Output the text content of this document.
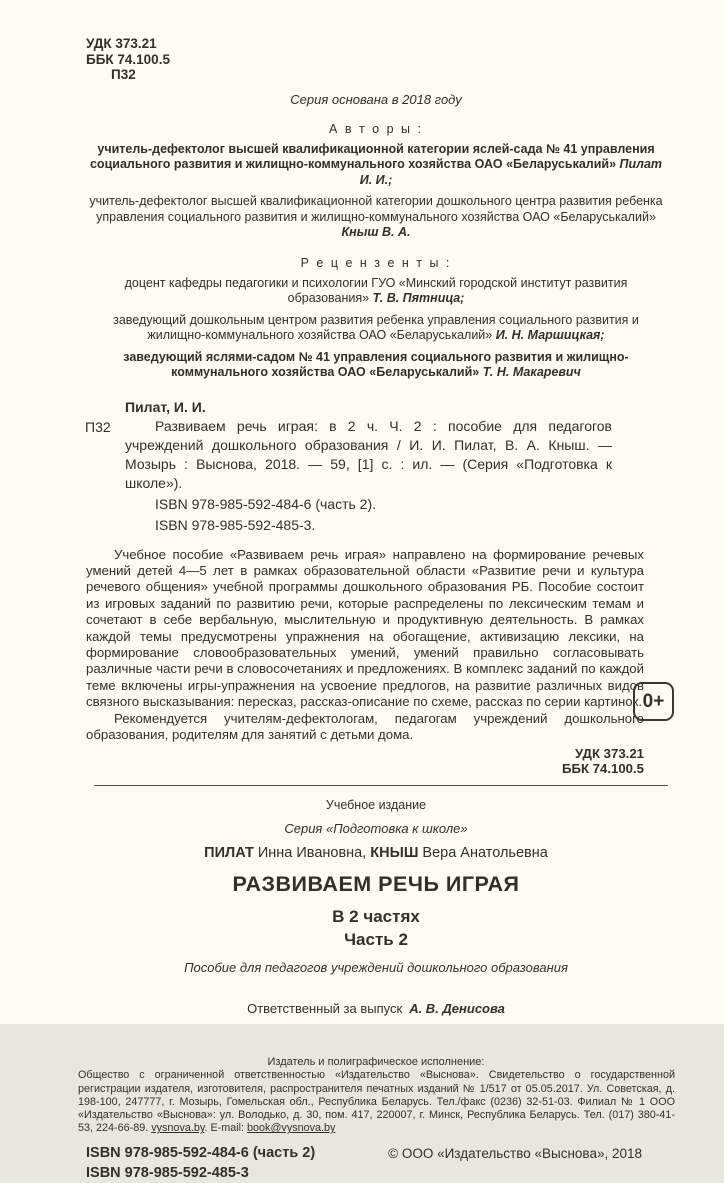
УДК 373.21
ББК 74.100.5
П32
Серия основана в 2018 году
А в т о р ы :
учитель-дефектолог высшей квалификационной категории яслей-сада № 41 управления социального развития и жилищно-коммунального хозяйства ОАО «Беларуськалий» Пилат И. И.;
учитель-дефектолог высшей квалификационной категории дошкольного центра развития ребенка управления социального развития и жилищно-коммунального хозяйства ОАО «Беларуськалий» Кныш В. А.
Р е ц е н з е н т ы :
доцент кафедры педагогики и психологии ГУО «Минский городской институт развития образования» Т. В. Пятница;
заведующий дошкольным центром развития ребенка управления социального развития и жилищно-коммунального хозяйства ОАО «Беларуськалий» И. Н. Маршицкая;
заведующий яслями-садом № 41 управления социального развития и жилищно-коммунального хозяйства ОАО «Беларуськалий» Т. Н. Макаревич
Пилат, И. И.
П32	Развиваем речь играя: в 2 ч. Ч. 2 : пособие для педагогов учреждений дошкольного образования / И. И. Пилат, В. А. Кныш. — Мозырь : Выснова, 2018. — 59, [1] с. : ил. — (Серия «Подготовка к школе»).
ISBN 978-985-592-484-6 (часть 2).
ISBN 978-985-592-485-3.

Учебное пособие «Развиваем речь играя» направлено на формирование речевых умений детей 4—5 лет в рамках образовательной области «Развитие речи и культура речевого общения» учебной программы дошкольного образования РБ. Пособие состоит из игровых заданий по развитию речи, которые распределены по лексическим темам и сочетают в себе вербальную, мыслительную и продуктивную деятельность. В рамках каждой темы предусмотрены упражнения на обогащение, активизацию лексики, на формирование словообразовательных умений, умений правильно согласовывать различные части речи в словосочетаниях и предложениях. В комплекс заданий по каждой теме включены игры-упражнения на усвоение предлогов, на развитие различных видов связного высказывания: пересказ, рассказ-описание по схеме, рассказ по серии картинок.

Рекомендуется учителям-дефектологам, педагогам учреждений дошкольного образования, родителям для занятий с детьми дома.

УДК 373.21
ББК 74.100.5
Учебное издание
Серия «Подготовка к школе»
ПИЛАТ Инна Ивановна, КНЫШ Вера Анатольевна
РАЗВИВАЕМ РЕЧЬ ИГРАЯ
В 2 частях
Часть 2
Пособие для педагогов учреждений дошкольного образования
0+
Ответственный за выпуск А. В. Денисова
Издатель и полиграфическое исполнение:
Общество с ограниченной ответственностью «Издательство «Выснова». Свидетельство о государственной регистрации издателя, изготовителя, распространителя печатных изданий № 1/517 от 05.05.2017. Ул. Советская, д. 198-100, 247777, г. Мозырь, Гомельская обл., Республика Беларусь. Тел./факс (0236) 32-51-03. Филиал № 1 ООО «Издательство «Выснова»: ул. Володько, д. 30, пом. 417, 220007, г. Минск, Республика Беларусь. Тел. (017) 380-41-53, 224-66-89. vysnova.by. E-mail: book@vysnova.by
ISBN 978-985-592-484-6 (часть 2)
ISBN 978-985-592-485-3
© ООО «Издательство «Выснова», 2018
